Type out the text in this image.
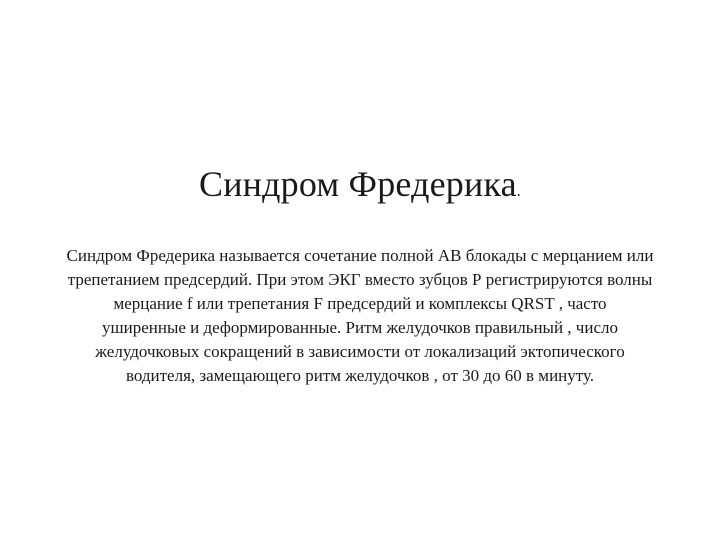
Синдром Фредерика.
Синдром Фредерика называется сочетание полной АВ блокады с мерцанием или
трепетанием предсердий. При этом ЭКГ вместо зубцов Р регистрируются волны
мерцание f или трепетания F предсердий и комплексы QRST , часто
уширенные и деформированные. Ритм желудочков правильный , число
желудочковых сокращений в зависимости от локализаций эктопического
водителя, замещающего ритм желудочков , от 30 до 60 в минуту.
